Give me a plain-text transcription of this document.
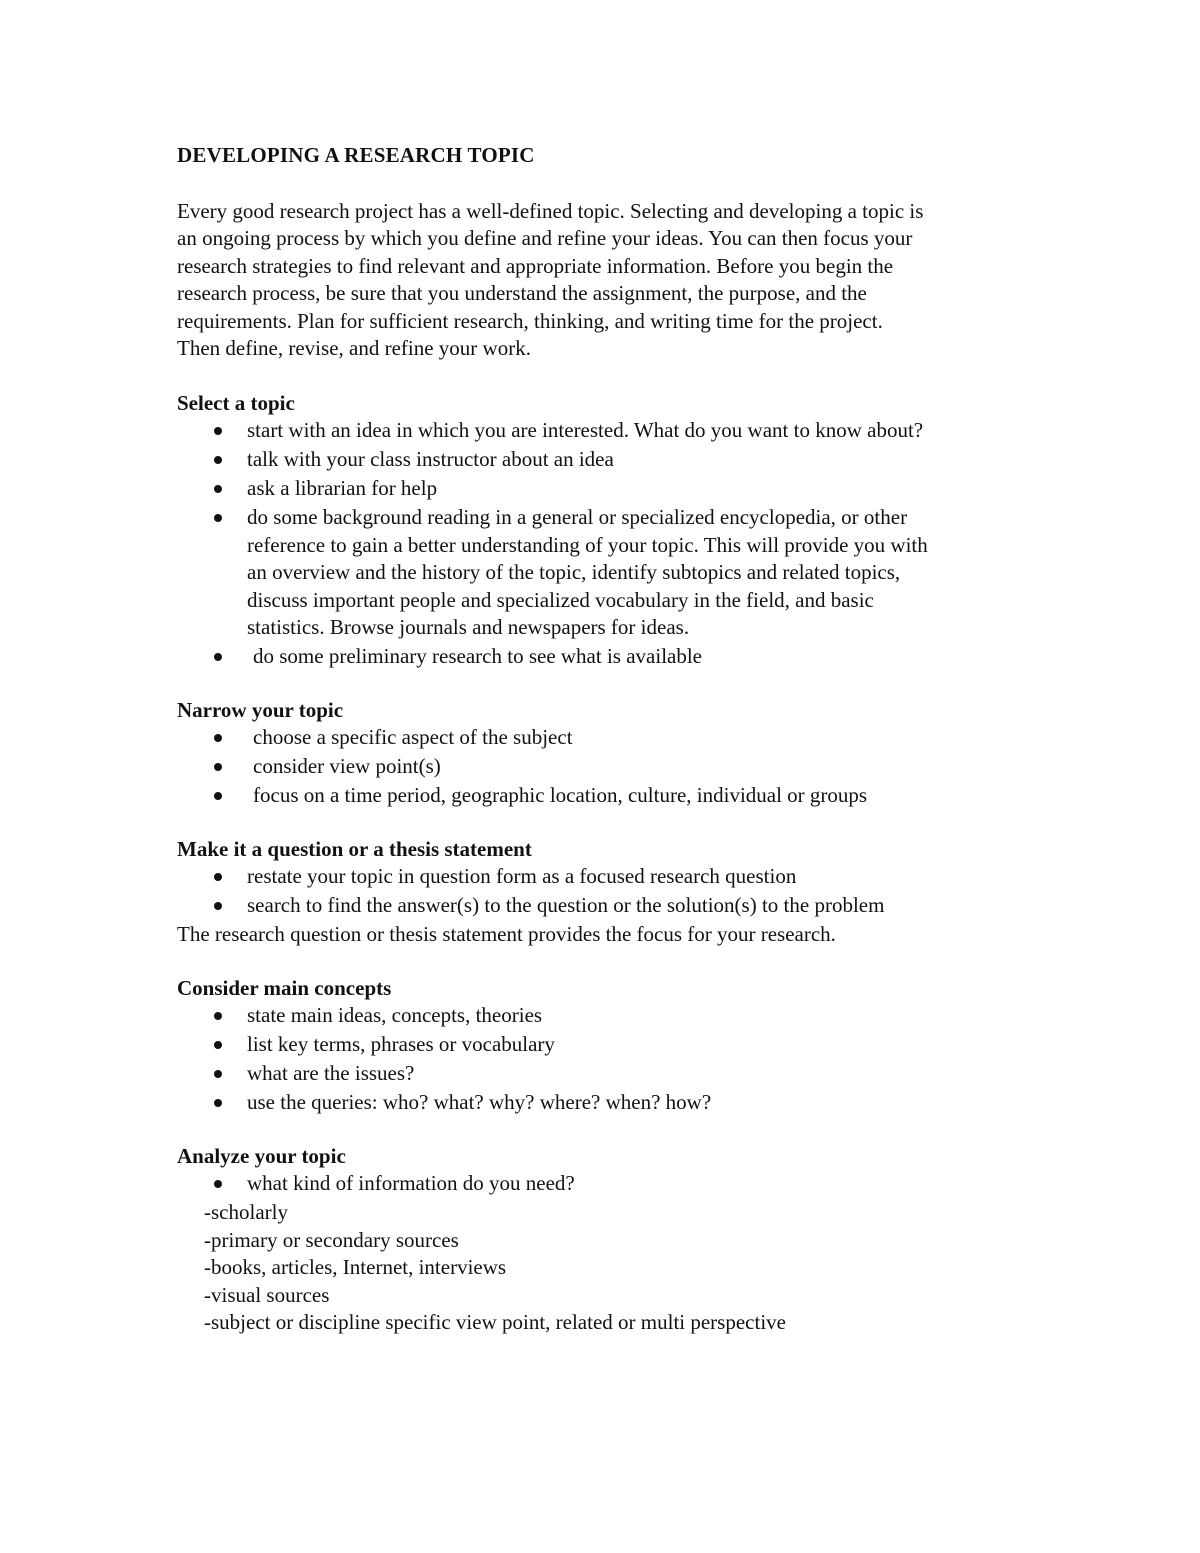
DEVELOPING A RESEARCH TOPIC
Every good research project has a well-defined topic. Selecting and developing a topic is
an ongoing process by which you define and refine your ideas. You can then focus your
research strategies to find relevant and appropriate information. Before you begin the
research process, be sure that you understand the assignment, the purpose, and the
requirements. Plan for sufficient research, thinking, and writing time for the project.
Then define, revise, and refine your work.
Select a topic
start with an idea in which you are interested. What do you want to know about?
talk with your class instructor about an idea
ask a librarian for help
do some background reading in a general or specialized encyclopedia, or other
reference to gain a better understanding of your topic. This will provide you with
an overview and the history of the topic, identify subtopics and related topics,
discuss important people and specialized vocabulary in the field, and basic
statistics. Browse journals and newspapers for ideas.
do some preliminary research to see what is available
Narrow your topic
choose a specific aspect of the subject
consider view point(s)
focus on a time period, geographic location, culture, individual or groups
Make it a question or a thesis statement
restate your topic in question form as a focused research question
search to find the answer(s) to the question or the solution(s) to the problem
The research question or thesis statement provides the focus for your research.
Consider main concepts
state main ideas, concepts, theories
list key terms, phrases or vocabulary
what are the issues?
use the queries: who? what? why? where? when? how?
Analyze your topic
what kind of information do you need?
-scholarly
-primary or secondary sources
-books, articles, Internet, interviews
-visual sources
-subject or discipline specific view point, related or multi perspective
